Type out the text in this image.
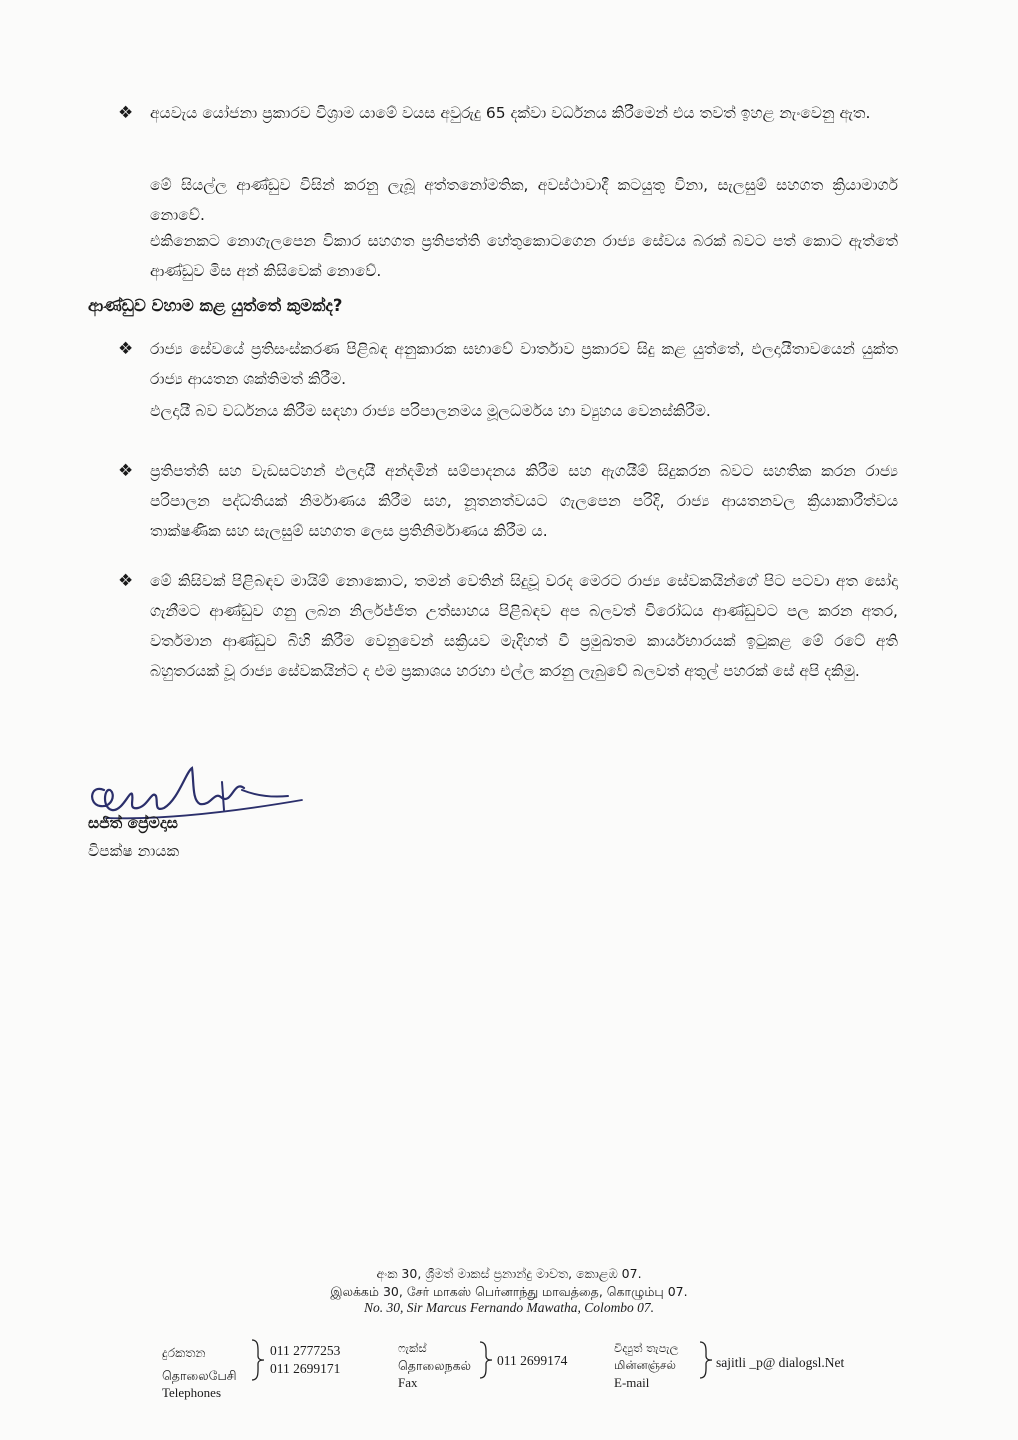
❖ අයවැය යෝජනා ප්‍රකාරව විශ්‍රාම යාමේ වයස අවුරුදු 65 දක්වා වර්ධනය කිරීමෙන් එය තවත් ඉහළ නැංවෙනු ඇත.
මේ සියල්ල ආණ්ඩුව විසින් කරනු ලැබූ අත්තනෝමතික, අවස්ථාවාදී කටයුතු විනා, සැලසුම් සහගත ක්‍රියාමාර්ග නොවේ.
එකිනෙකට නොගැලපෙන විකාර සහගත ප්‍රතිපත්ති හේතුකොටගෙන රාජ්‍ය සේවය බරක් බවට පත් කොට ඇත්තේ ආණ්ඩුව මිස අන් කිසිවෙක් නොවේ.
ආණ්ඩුව වහාම කළ යුත්තේ කුමක්ද?
❖ රාජ්‍ය සේවයේ ප්‍රතිසංස්කරණ පිළිබඳ අනුකාරක සභාවේ වාර්තාව ප්‍රකාරව සිදු කළ යුත්තේ, ඵලදායීතාවයෙන් යුක්ත රාජ්‍ය ආයතන ශක්තිමත් කිරීම.
ඵලදායී බව වර්ධනය කිරීම සඳහා රාජ්‍ය පරිපාලනමය මූලධර්මය හා ව්‍යුහය වෙනස්කිරීම.
❖ ප්‍රතිපත්ති සහ වැඩසටහන් ඵලදායී අන්දමින් සම්පාදනය කිරීම සහ ඇගයීම් සිදුකරන බවට සහතික කරන රාජ්‍ය පරිපාලන පද්ධතියක් නිර්මාණය කිරීම සහ, නූතනත්වයට ගැලපෙන පරිදි, රාජ්‍ය ආයතනවල ක්‍රියාකාරීත්වය තාක්ෂණික සහ සැලසුම් සහගත ලෙස ප්‍රතිනිර්මාණය කිරීම ය.
❖ මේ කිසිවක් පිළිබඳව මායිම් නොකොට, තමන් වෙතින් සිදුවූ වරද මෙරට රාජ්‍ය සේවකයින්ගේ පිට පටවා අත සෝදා ගැනීමට ආණ්ඩුව ගනු ලබන නිර්ලජ්ජිත උත්සාහය පිළිබඳව අප බලවත් විරෝධය ආණ්ඩුවට පල කරන අතර, වර්තමාන ආණ්ඩුව බිහි කිරීම වෙනුවෙන් සක්‍රියව මැදිහත් වී ප්‍රමුඛතම කාර්යභාරයක් ඉටුකළ මේ රටේ අති බහුතරයක් වූ රාජ්‍ය සේවකයින්ට ද එම ප්‍රකාශය හරහා එල්ල කරනු ලැබුවේ බලවත් අතුල් පහරක් සේ අපි දකිමු.
සජිත් ප්‍රේමදාස
විපක්ෂ නායක
අංක 30, ශ්‍රීමත් මාකස් ප්‍රනාන්දු මාවත, කොළඹ 07.
இலக்கம் 30, சேர் மாகஸ் பெர்னாந்து மாவத்தை, கொழும்பு 07.
No. 30, Sir Marcus Fernando Mawatha, Colombo 07.
දුරකතන
தொலைபேசி
Telephones
011 2777253
011 2699171
ෆැක්ස්
தொலைநகல்
Fax
011 2699174
විද්‍යුත් තැපැල
மின்னஞ்சல்
E-mail
sajitli _p@ dialogsl.Net
